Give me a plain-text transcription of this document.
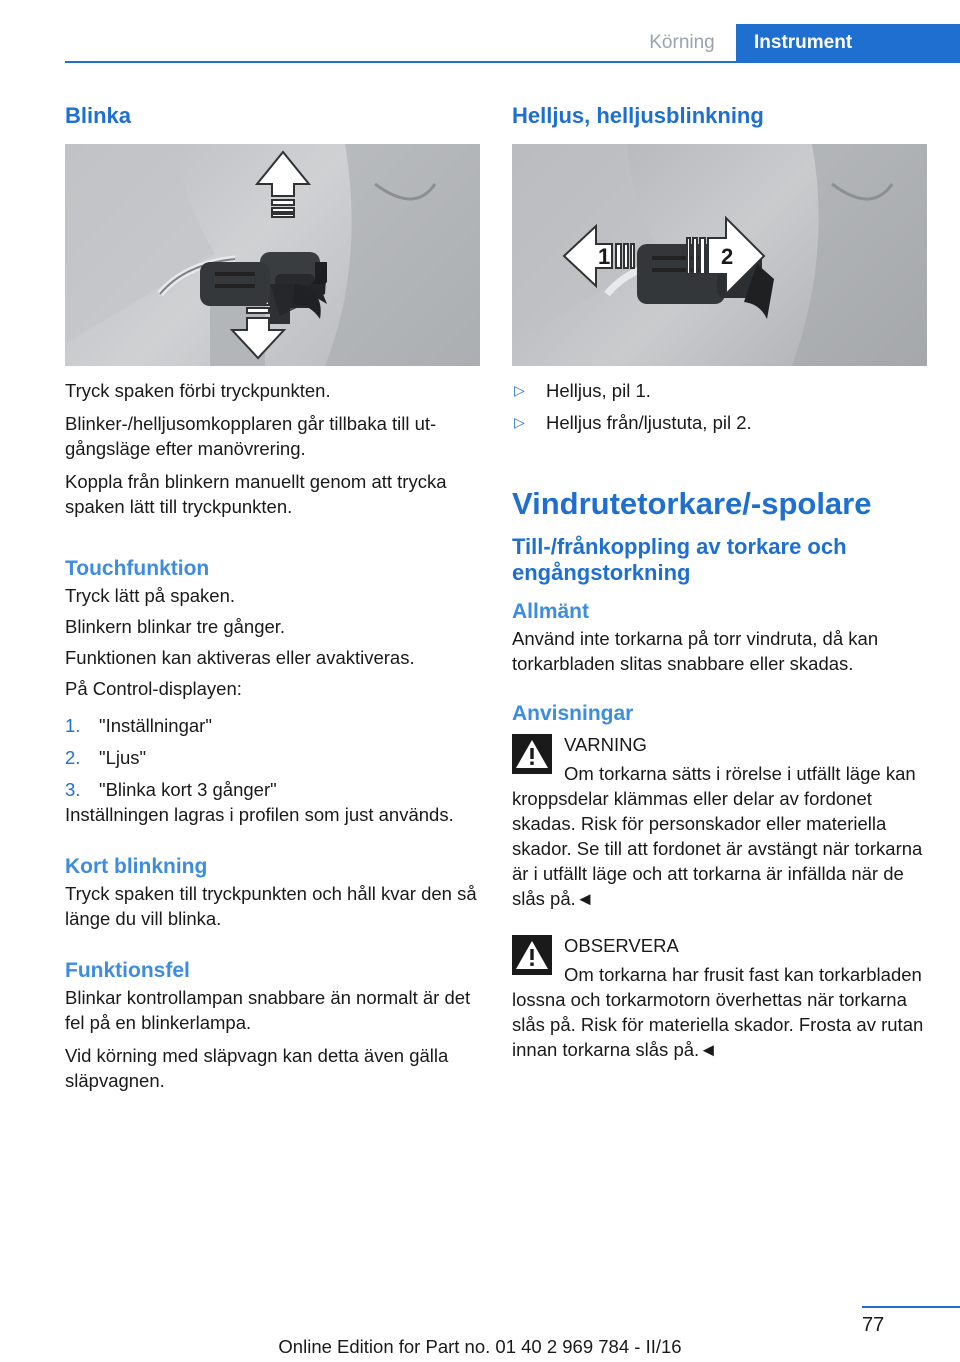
Körning	Instrument
Blinka

Tryck spaken förbi tryckpunkten.

Blinker-/helljusomkopplaren går tillbaka till utgångsläge efter manövrering.

Koppla från blinkern manuellt genom att trycka spaken lätt till tryckpunkten.

Touchfunktion

Tryck lätt på spaken.

Blinkern blinkar tre gånger.

Funktionen kan aktiveras eller avaktiveras.

På Control-displayen:

1. "Inställningar"
2. "Ljus"
3. "Blinka kort 3 gånger"

Inställningen lagras i profilen som just används.

Kort blinkning

Tryck spaken till tryckpunkten och håll kvar den så länge du vill blinka.

Funktionsfel

Blinkar kontrollampan snabbare än normalt är det fel på en blinkerlampa.

Vid körning med släpvagn kan detta även gälla släpvagnen.

Helljus, helljusblinkning
1	2
▷ Helljus, pil 1.
▷ Helljus från/ljustuta, pil 2.
Vindrutetorkare/-spolare
Till-/frånkoppling av torkare och engångstorkning
Allmänt

Använd inte torkarna på torr vindruta, då kan torkarbladen slitas snabbare eller skadas.

Anvisningar

VARNING

Om torkarna sätts i rörelse i utfällt läge kan kroppsdelar klämmas eller delar av fordonet skadas. Risk för personskador eller materiella skador. Se till att fordonet är avstängt när torkarna är i utfällt läge och att torkarna är infällda när de slås på.◄

OBSERVERA

Om torkarna har frusit fast kan torkarbladen lossna och torkarmotorn överhettas när torkarna slås på. Risk för materiella skador. Frosta av rutan innan torkarna slås på.◄

77
Online Edition for Part no. 01 40 2 969 784 - II/16
